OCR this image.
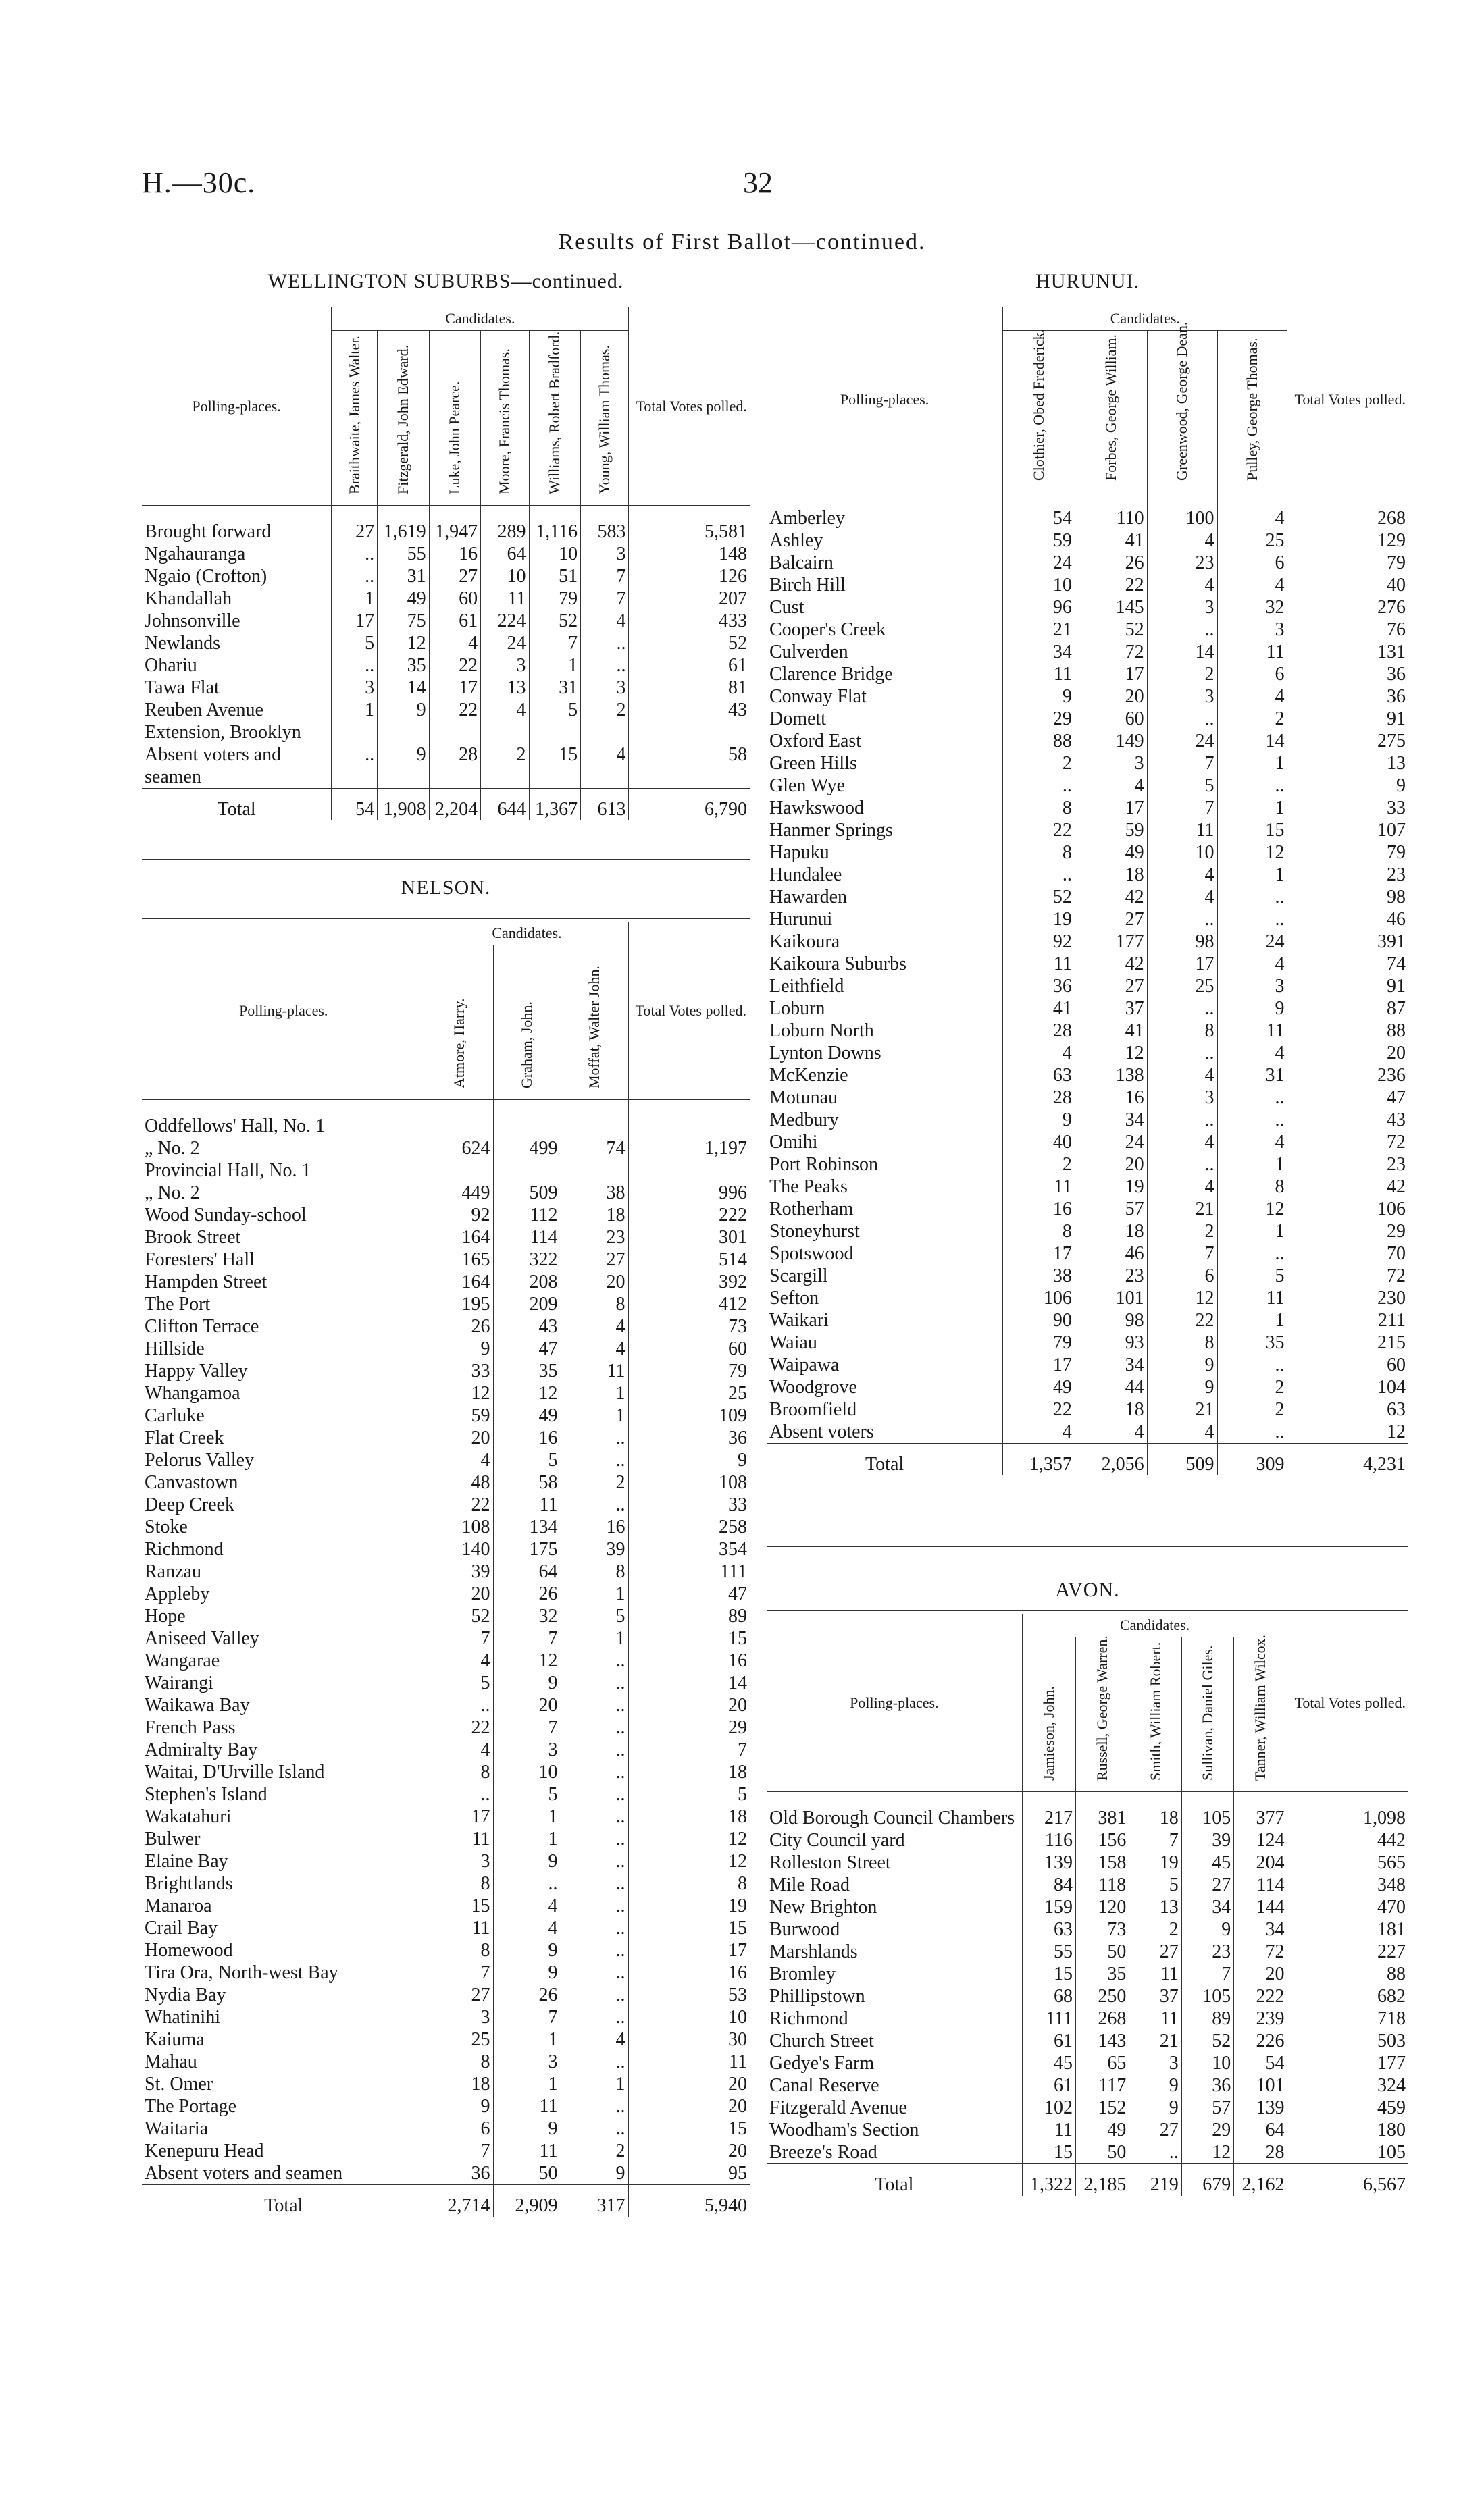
H.—30c.	32
Results of First Ballot—continued.
WELLINGTON SUBURBS—continued.
Polling-places.	Candidates.						Total Votes polled.
	Braithwaite, James Walter.	Fitzgerald, John Edward.	Luke, John Pearce.	Moore, Francis Thomas.	Williams, Robert Bradford.	Young, William Thomas.	

Brought forward	27	1,619	1,947	289	1,116	583	5,581
Ngahauranga	..	55	16	64	10	3	148
Ngaio (Crofton)	..	31	27	10	51	7	126
Khandallah	1	49	60	11	79	7	207
Johnsonville	17	75	61	224	52	4	433
Newlands	5	12	4	24	7	..	52
Ohariu	..	35	22	3	1	..	61
Tawa Flat	3	14	17	13	31	3	81
Reuben Avenue Extension, Brooklyn	1	9	22	4	5	2	43
Absent voters and seamen	..	9	28	2	15	4	58
Total	54	1,908	2,204	644	1,367	613	6,790
NELSON.
Polling-places.	Candidates.			Total Votes polled.
	Atmore, Harry.	Graham, John.	Moffat, Walter John.	

Oddfellows' Hall, No. 1				
„ No. 2	624	499	74	1,197
Provincial Hall, No. 1				
„ No. 2	449	509	38	996
Wood Sunday-school	92	112	18	222
Brook Street	164	114	23	301
Foresters' Hall	165	322	27	514
Hampden Street	164	208	20	392
The Port	195	209	8	412
Clifton Terrace	26	43	4	73
Hillside	9	47	4	60
Happy Valley	33	35	11	79
Whangamoa	12	12	1	25
Carluke	59	49	1	109
Flat Creek	20	16	..	36
Pelorus Valley	4	5	..	9
Canvastown	48	58	2	108
Deep Creek	22	11	..	33
Stoke	108	134	16	258
Richmond	140	175	39	354
Ranzau	39	64	8	111
Appleby	20	26	1	47
Hope	52	32	5	89
Aniseed Valley	7	7	1	15
Wangarae	4	12	..	16
Wairangi	5	9	..	14
Waikawa Bay	..	20	..	20
French Pass	22	7	..	29
Admiralty Bay	4	3	..	7
Waitai, D'Urville Island	8	10	..	18
Stephen's Island	..	5	..	5
Wakatahuri	17	1	..	18
Bulwer	11	1	..	12
Elaine Bay	3	9	..	12
Brightlands	8	..	..	8
Manaroa	15	4	..	19
Crail Bay	11	4	..	15
Homewood	8	9	..	17
Tira Ora, North-west Bay	7	9	..	16
Nydia Bay	27	26	..	53
Whatinihi	3	7	..	10
Kaiuma	25	1	4	30
Mahau	8	3	..	11
St. Omer	18	1	1	20
The Portage	9	11	..	20
Waitaria	6	9	..	15
Kenepuru Head	7	11	2	20
Absent voters and seamen	36	50	9	95
Total	2,714	2,909	317	5,940
HURUNUI.
Polling-places.	Candidates.				Total Votes polled.
	Clothier, Obed Frederick.	Forbes, George William.	Greenwood, George Dean.	Pulley, George Thomas.	

Amberley	54	110	100	4	268
Ashley	59	41	4	25	129
Balcairn	24	26	23	6	79
Birch Hill	10	22	4	4	40
Cust	96	145	3	32	276
Cooper's Creek	21	52	..	3	76
Culverden	34	72	14	11	131
Clarence Bridge	11	17	2	6	36
Conway Flat	9	20	3	4	36
Domett	29	60	..	2	91
Oxford East	88	149	24	14	275
Green Hills	2	3	7	1	13
Glen Wye	..	4	5	..	9
Hawkswood	8	17	7	1	33
Hanmer Springs	22	59	11	15	107
Hapuku	8	49	10	12	79
Hundalee	..	18	4	1	23
Hawarden	52	42	4	..	98
Hurunui	19	27	..	..	46
Kaikoura	92	177	98	24	391
Kaikoura Suburbs	11	42	17	4	74
Leithfield	36	27	25	3	91
Loburn	41	37	..	9	87
Loburn North	28	41	8	11	88
Lynton Downs	4	12	..	4	20
McKenzie	63	138	4	31	236
Motunau	28	16	3	..	47
Medbury	9	34	..	..	43
Omihi	40	24	4	4	72
Port Robinson	2	20	..	1	23
The Peaks	11	19	4	8	42
Rotherham	16	57	21	12	106
Stoneyhurst	8	18	2	1	29
Spotswood	17	46	7	..	70
Scargill	38	23	6	5	72
Sefton	106	101	12	11	230
Waikari	90	98	22	1	211
Waiau	79	93	8	35	215
Waipawa	17	34	9	..	60
Woodgrove	49	44	9	2	104
Broomfield	22	18	21	2	63
Absent voters	4	4	4	..	12
Total	1,357	2,056	509	309	4,231
AVON.
Polling-places.	Candidates.					Total Votes polled.
	Jamieson, John.	Russell, George Warren.	Smith, William Robert.	Sullivan, Daniel Giles.	Tanner, William Wilcox.	

Old Borough Council Chambers	217	381	18	105	377	1,098
City Council yard	116	156	7	39	124	442
Rolleston Street	139	158	19	45	204	565
Mile Road	84	118	5	27	114	348
New Brighton	159	120	13	34	144	470
Burwood	63	73	2	9	34	181
Marshlands	55	50	27	23	72	227
Bromley	15	35	11	7	20	88
Phillipstown	68	250	37	105	222	682
Richmond	111	268	11	89	239	718
Church Street	61	143	21	52	226	503
Gedye's Farm	45	65	3	10	54	177
Canal Reserve	61	117	9	36	101	324
Fitzgerald Avenue	102	152	9	57	139	459
Woodham's Section	11	49	27	29	64	180
Breeze's Road	15	50	..	12	28	105
Total	1,322	2,185	219	679	2,162	6,567
